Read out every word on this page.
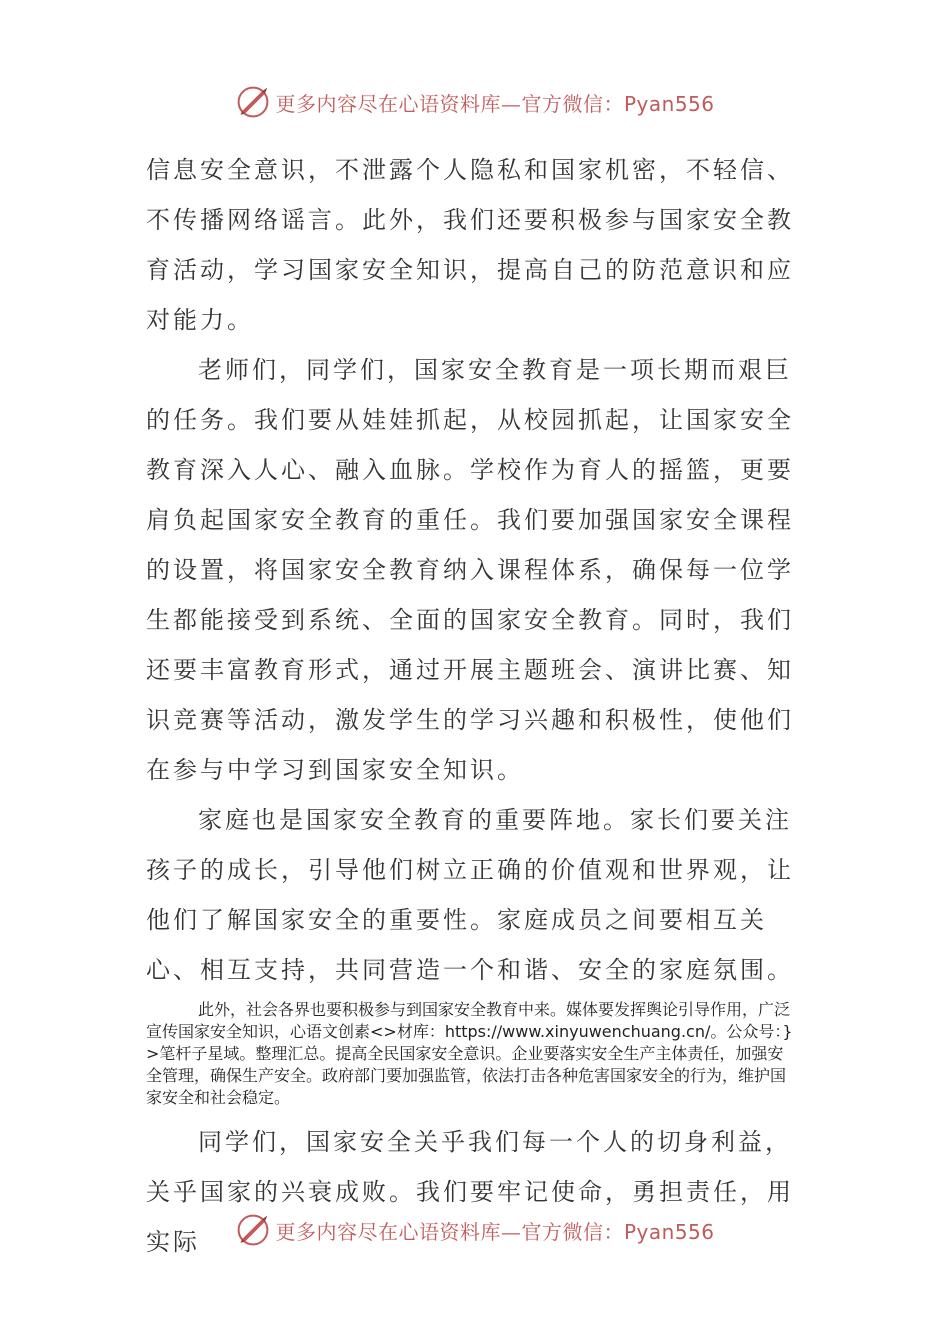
更多内容尽在心语资料库—官方微信：Pyan556

信息安全意识，不泄露个人隐私和国家机密，不轻信、不传播网络谣言。此外，我们还要积极参与国家安全教育活动，学习国家安全知识，提高自己的防范意识和应对能力。

老师们，同学们，国家安全教育是一项长期而艰巨的任务。我们要从娃娃抓起，从校园抓起，让国家安全教育深入人心、融入血脉。学校作为育人的摇篮，更要肩负起国家安全教育的重任。我们要加强国家安全课程的设置，将国家安全教育纳入课程体系，确保每一位学生都能接受到系统、全面的国家安全教育。同时，我们还要丰富教育形式，通过开展主题班会、演讲比赛、知识竞赛等活动，激发学生的学习兴趣和积极性，使他们在参与中学习到国家安全知识。

家庭也是国家安全教育的重要阵地。家长们要关注孩子的成长，引导他们树立正确的价值观和世界观，让他们了解国家安全的重要性。家庭成员之间要相互关心、相互支持，共同营造一个和谐、安全的家庭氛围。

此外，社会各界也要积极参与到国家安全教育中来。媒体要发挥舆论引导作用，广泛宣传国家安全知识，心语文创素<>材库：https://www.xinyuwenchuang.cn/。公众号：}>笔杆子星域。整理汇总。提高全民国家安全意识。企业要落实安全生产主体责任，加强安全管理，确保生产安全。政府部门要加强监管，依法打击各种危害国家安全的行为，维护国家安全和社会稳定。

同学们，国家安全关乎我们每一个人的切身利益，关乎国家的兴衰成败。我们要牢记使命，勇担责任，用实际	更多内容尽在心语资料库—官方微信：Pyan556
